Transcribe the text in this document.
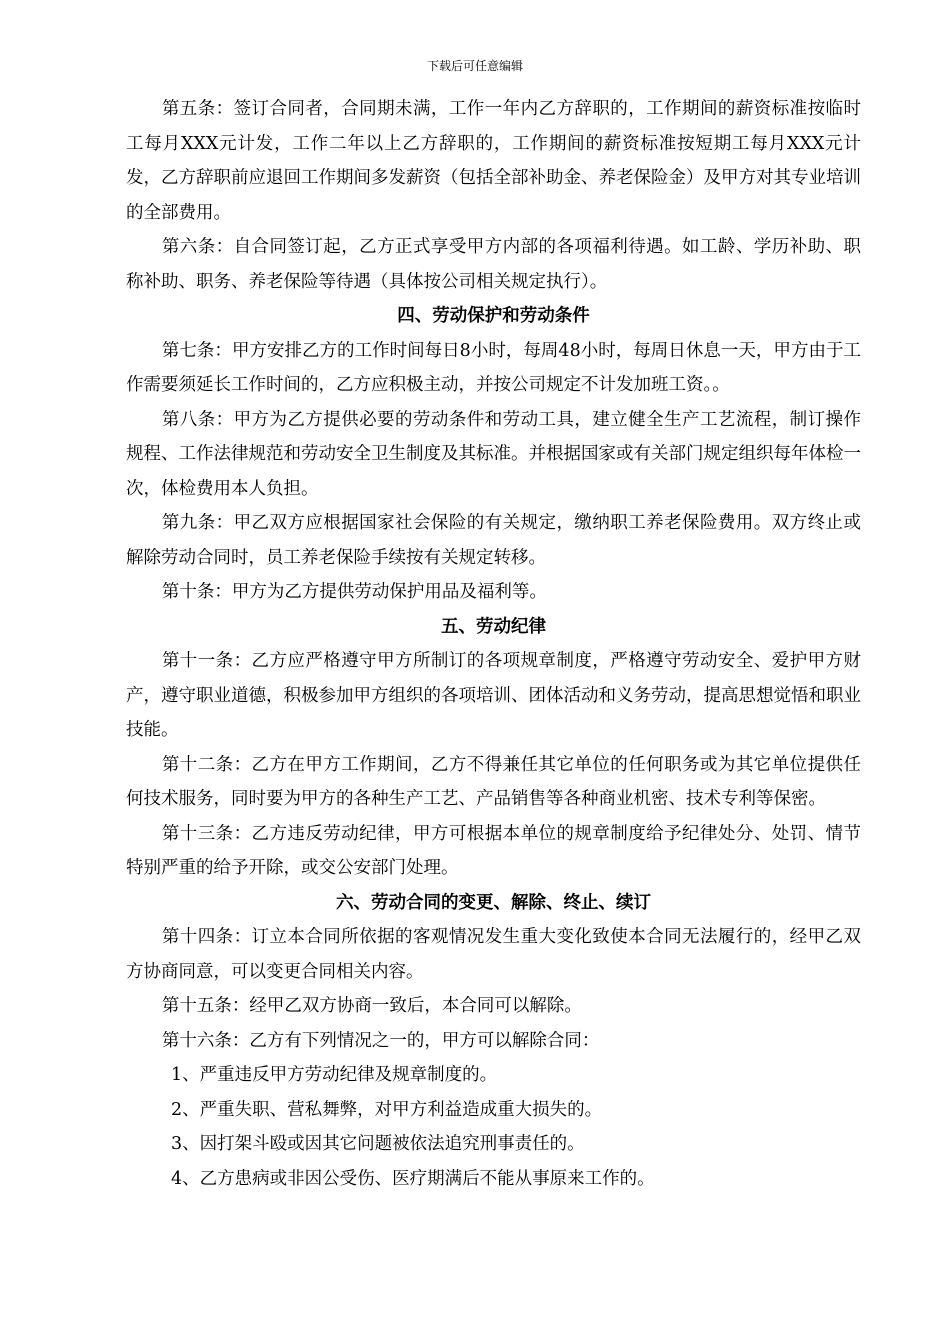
下载后可任意编辑

第五条：签订合同者，合同期未满，工作一年内乙方辞职的，工作期间的薪资标准按临时工每月XXX元计发，工作二年以上乙方辞职的，工作期间的薪资标准按短期工每月XXX元计发，乙方辞职前应退回工作期间多发薪资（包括全部补助金、养老保险金）及甲方对其专业培训的全部费用。

第六条：自合同签订起，乙方正式享受甲方内部的各项福利待遇。如工龄、学历补助、职称补助、职务、养老保险等待遇（具体按公司相关规定执行）。

四、劳动保护和劳动条件

第七条：甲方安排乙方的工作时间每日8小时，每周48小时，每周日休息一天，甲方由于工作需要须延长工作时间的，乙方应积极主动，并按公司规定不计发加班工资。。

第八条：甲方为乙方提供必要的劳动条件和劳动工具，建立健全生产工艺流程，制订操作规程、工作法律规范和劳动安全卫生制度及其标准。并根据国家或有关部门规定组织每年体检一次，体检费用本人负担。

第九条：甲乙双方应根据国家社会保险的有关规定，缴纳职工养老保险费用。双方终止或解除劳动合同时，员工养老保险手续按有关规定转移。

第十条：甲方为乙方提供劳动保护用品及福利等。

五、劳动纪律

第十一条：乙方应严格遵守甲方所制订的各项规章制度，严格遵守劳动安全、爱护甲方财产，遵守职业道德，积极参加甲方组织的各项培训、团体活动和义务劳动，提高思想觉悟和职业技能。

第十二条：乙方在甲方工作期间，乙方不得兼任其它单位的任何职务或为其它单位提供任何技术服务，同时要为甲方的各种生产工艺、产品销售等各种商业机密、技术专利等保密。

第十三条：乙方违反劳动纪律，甲方可根据本单位的规章制度给予纪律处分、处罚、情节特别严重的给予开除，或交公安部门处理。

六、劳动合同的变更、解除、终止、续订

第十四条：订立本合同所依据的客观情况发生重大变化致使本合同无法履行的，经甲乙双方协商同意，可以变更合同相关内容。

第十五条：经甲乙双方协商一致后，本合同可以解除。

第十六条：乙方有下列情况之一的，甲方可以解除合同：

1、严重违反甲方劳动纪律及规章制度的。

2、严重失职、营私舞弊，对甲方利益造成重大损失的。

3、因打架斗殴或因其它问题被依法追究刑事责任的。

4、乙方患病或非因公受伤、医疗期满后不能从事原来工作的。
